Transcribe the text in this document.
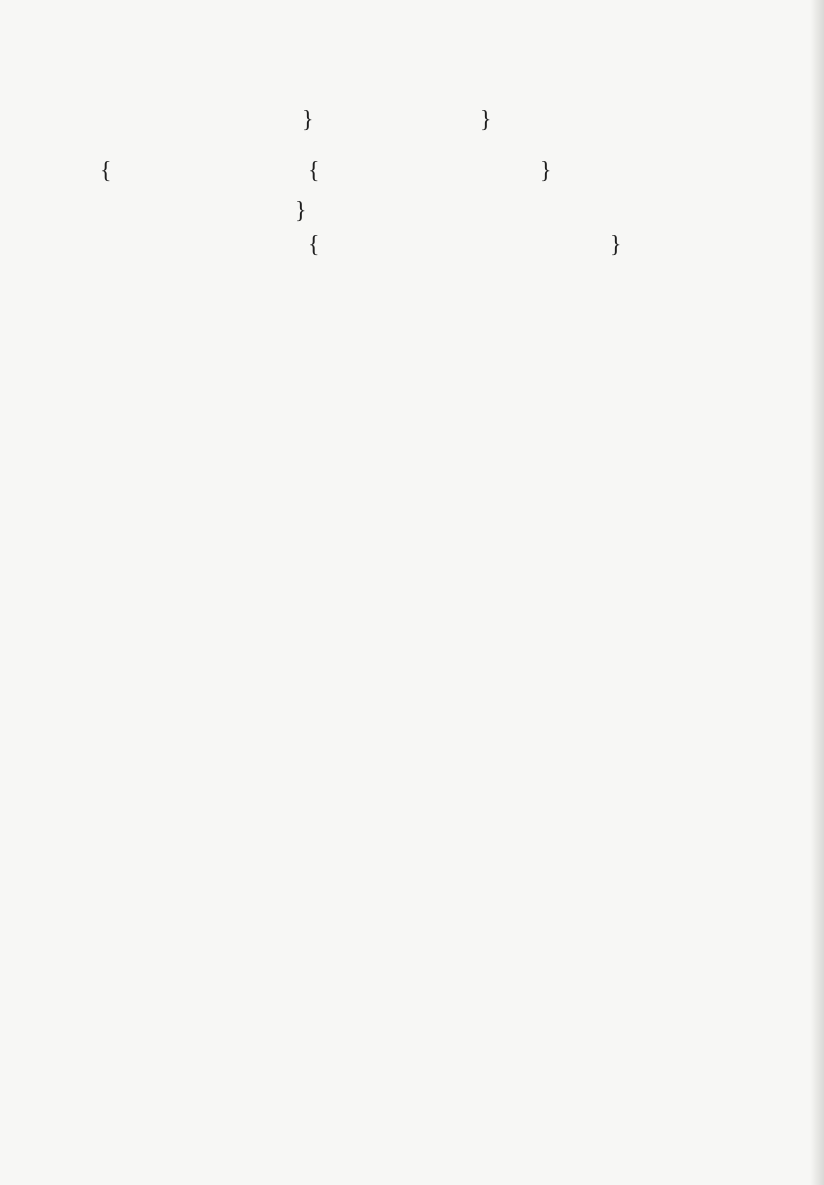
}	}
{	{	}
}
{	}
